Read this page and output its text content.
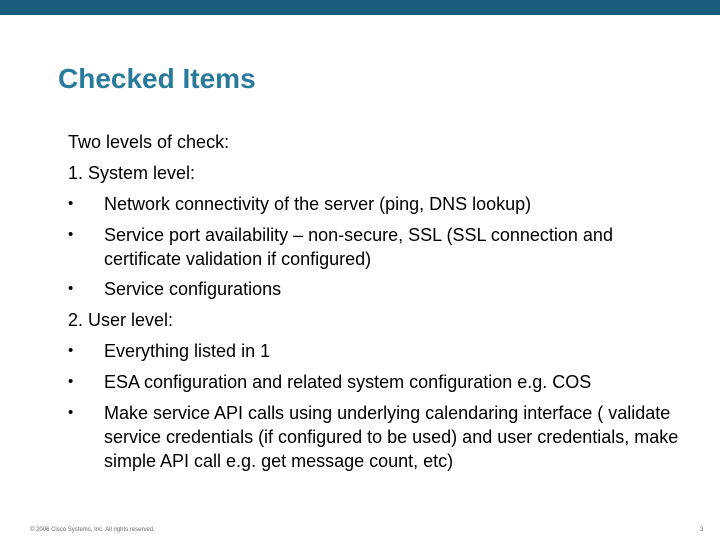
Checked Items
Two levels of check:
1. System level:
• Network connectivity of the server (ping, DNS lookup)
• Service port availability – non-secure, SSL (SSL connection and certificate validation if configured)
• Service configurations
2. User level:
• Everything listed in 1
• ESA configuration and related system configuration e.g. COS
• Make service API calls using underlying calendaring interface ( validate service credentials (if configured to be used) and user credentials, make simple API call e.g. get message count, etc)
© 2006 Cisco Systems, Inc. All rights reserved.	3
